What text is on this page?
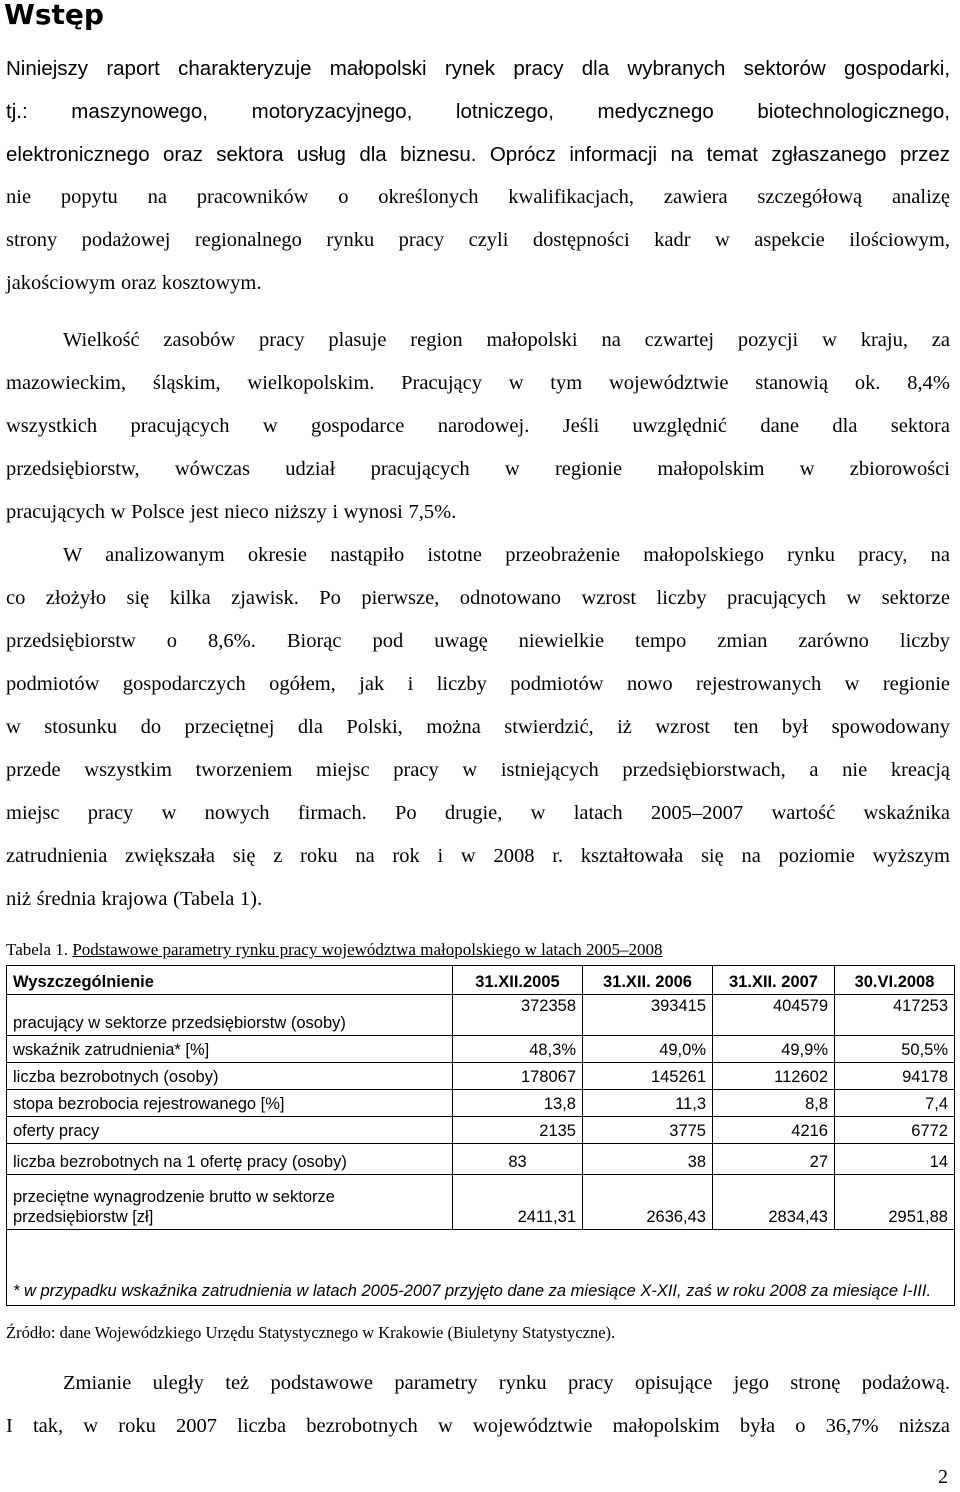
Wstęp
Niniejszy raport charakteryzuje małopolski rynek pracy dla wybranych sektorów gospodarki,
tj.: maszynowego, motoryzacyjnego, lotniczego, medycznego biotechnologicznego,
elektronicznego oraz sektora usług dla biznesu. Oprócz informacji na temat zgłaszanego przez
nie popytu na pracowników o określonych kwalifikacjach, zawiera szczegółową analizę
strony podażowej regionalnego rynku pracy czyli dostępności kadr w aspekcie ilościowym,
jakościowym oraz kosztowym.
Wielkość zasobów pracy plasuje region małopolski na czwartej pozycji w kraju, za
mazowieckim, śląskim, wielkopolskim. Pracujący w tym województwie stanowią ok. 8,4%
wszystkich pracujących w gospodarce narodowej. Jeśli uwzględnić dane dla sektora
przedsiębiorstw, wówczas udział pracujących w regionie małopolskim w zbiorowości
pracujących w Polsce jest nieco niższy i wynosi 7,5%.
W analizowanym okresie nastąpiło istotne przeobrażenie małopolskiego rynku pracy, na
co złożyło się kilka zjawisk. Po pierwsze, odnotowano wzrost liczby pracujących w sektorze
przedsiębiorstw o 8,6%. Biorąc pod uwagę niewielkie tempo zmian zarówno liczby
podmiotów gospodarczych ogółem, jak i liczby podmiotów nowo rejestrowanych w regionie
w stosunku do przeciętnej dla Polski, można stwierdzić, iż wzrost ten był spowodowany
przede wszystkim tworzeniem miejsc pracy w istniejących przedsiębiorstwach, a nie kreacją
miejsc pracy w nowych firmach. Po drugie, w latach 2005–2007 wartość wskaźnika
zatrudnienia zwiększała się z roku na rok i w 2008 r. kształtowała się na poziomie wyższym
niż średnia krajowa (Tabela 1).

Tabela 1. Podstawowe parametry rynku pracy województwa małopolskiego w latach 2005–2008

Wyszczególnienie	31.XII.2005	31.XII. 2006	31.XII. 2007	30.VI.2008
pracujący w sektorze przedsiębiorstw (osoby)	372358	393415	404579	417253
wskaźnik zatrudnienia* [%]	48,3%	49,0%	49,9%	50,5%
liczba bezrobotnych (osoby)	178067	145261	112602	94178
stopa bezrobocia rejestrowanego [%]	13,8	11,3	8,8	7,4
oferty pracy	2135	3775	4216	6772
liczba bezrobotnych na 1 ofertę pracy (osoby)	83	38	27	14
przeciętne wynagrodzenie brutto w sektorze przedsiębiorstw [zł]	2411,31	2636,43	2834,43	2951,88
* w przypadku wskaźnika zatrudnienia w latach 2005-2007 przyjęto dane za miesiące X-XII, zaś w roku 2008 za miesiące I-III.				

Źródło: dane Wojewódzkiego Urzędu Statystycznego w Krakowie (Biuletyny Statystyczne).

Zmianie uległy też podstawowe parametry rynku pracy opisujące jego stronę podażową.
I tak, w roku 2007 liczba bezrobotnych w województwie małopolskim była o 36,7% niższa
2
